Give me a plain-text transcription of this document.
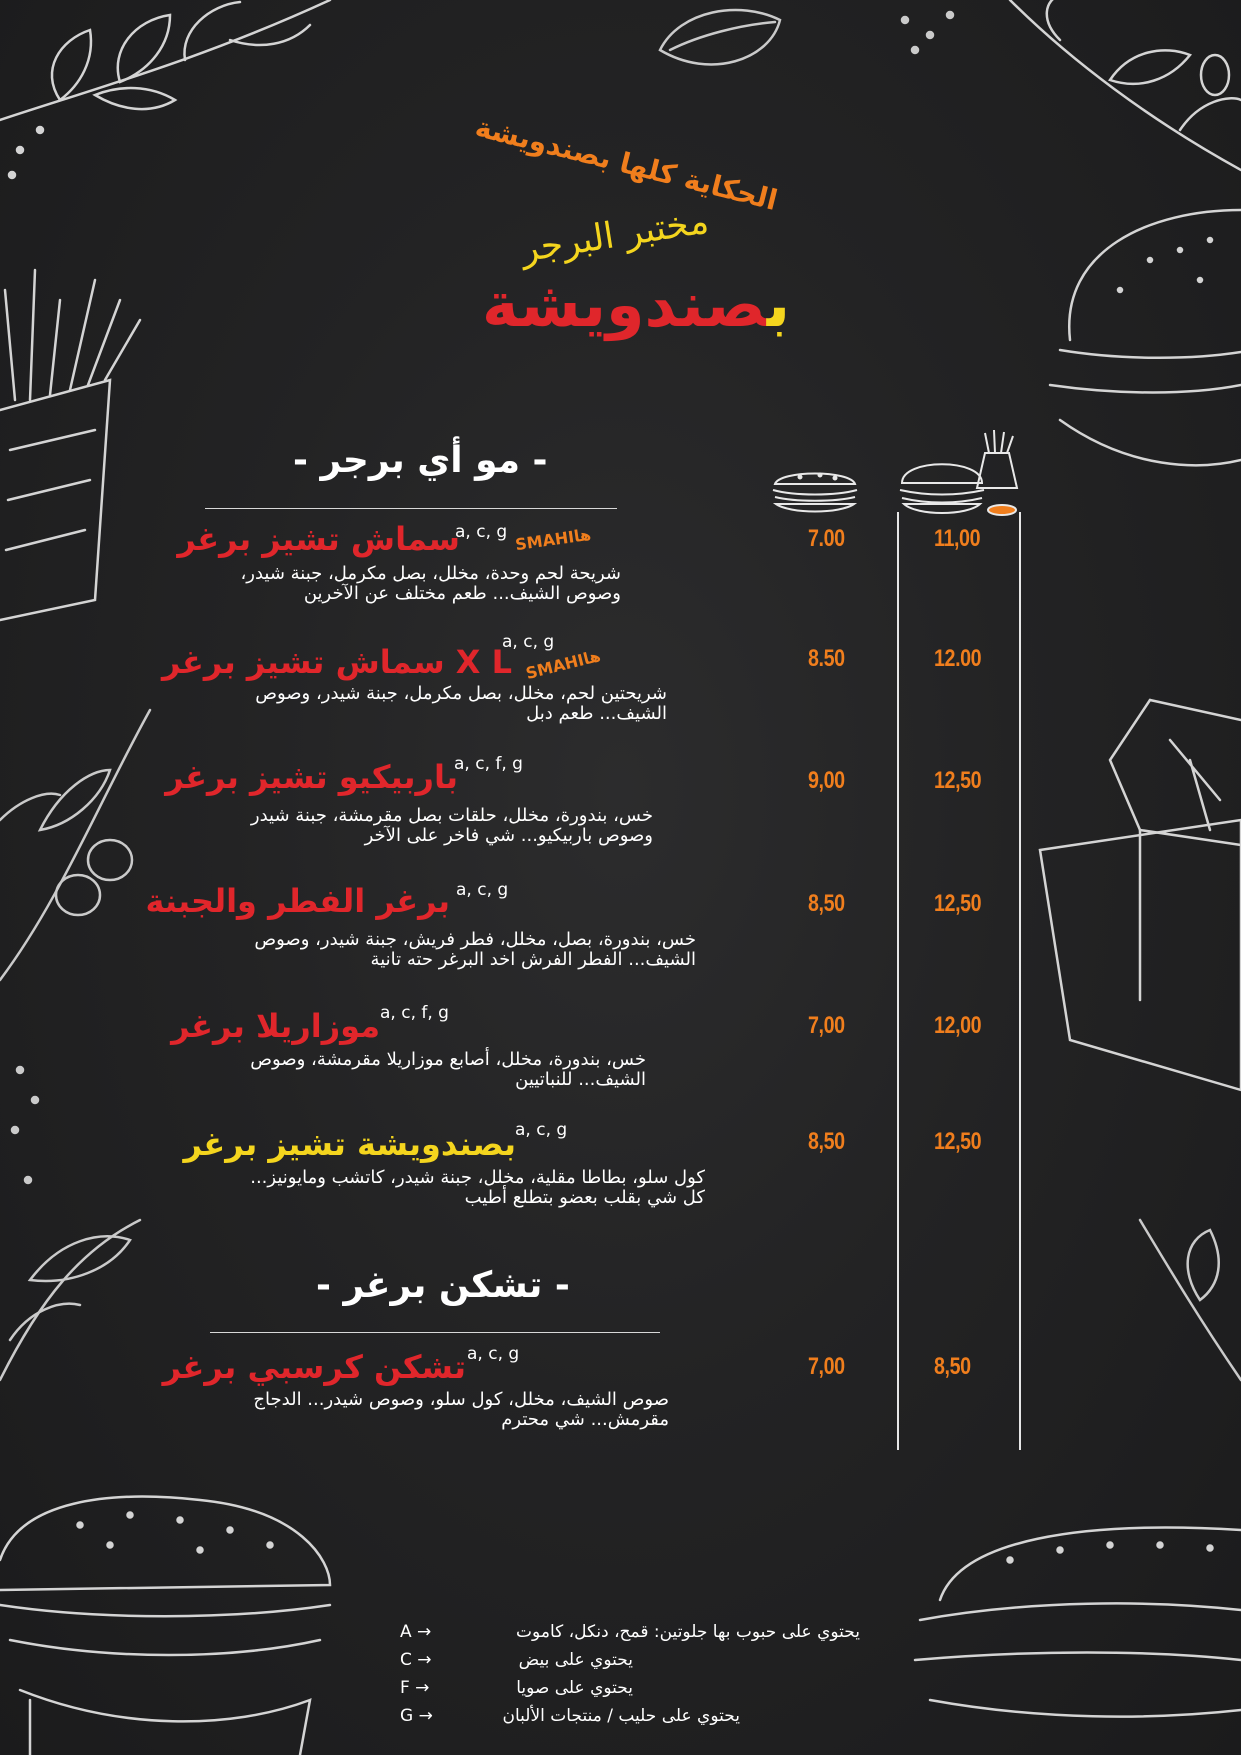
الحكاية كلها بصندويشة
مختبر البرجر
بصندويشة
- مو أي برجر -
سماش تشيز برغر
a, c, g SMAHIها
شريحة لحم وحدة، مخلل، بصل مكرمل، جبنة شيدر،
وصوص الشيف... طعم مختلف عن الآخرين
7.00	11,00
X L سماش تشيز برغر
a, c, g
SMAHIها
شريحتين لحم، مخلل، بصل مكرمل، جبنة شيدر، وصوص
الشيف... طعم دبل
8.50	12.00
باربيكيو تشيز برغر
a, c, f, g
خس، بندورة، مخلل، حلقات بصل مقرمشة، جبنة شيدر
وصوص باربيكيو... شي فاخر على الآخر
9,00	12,50
برغر الفطر والجبنة a, c, g
خس، بندورة، بصل، مخلل، فطر فريش، جبنة شيدر، وصوص
الشيف... الفطر الفرش اخد البرغر حته تانية
8,50	12,50
موزاريلا برغر a, c, f, g
خس، بندورة، مخلل، أصابع موزاريلا مقرمشة، وصوص
الشيف... للنباتيين
7,00	12,00
بصندويشة تشيز برغر a, c, g
كول سلو، بطاطا مقلية، مخلل، جبنة شيدر، كاتشب ومايونيز...
كل شي بقلب بعضو بتطلع أطيب
8,50	12,50
- تشكن برغر -
تشكن كرسبي برغر a, c, g
صوص الشيف، مخلل، كول سلو، وصوص شيدر... الدجاج
مقرمش... شي محترم
7,00	8,50
A →	يحتوي على حبوب بها جلوتين: قمح، دنكل، كاموت
C →	يحتوي على بيض
F →	يحتوي على صويا
G →	يحتوي على حليب / منتجات الألبان
